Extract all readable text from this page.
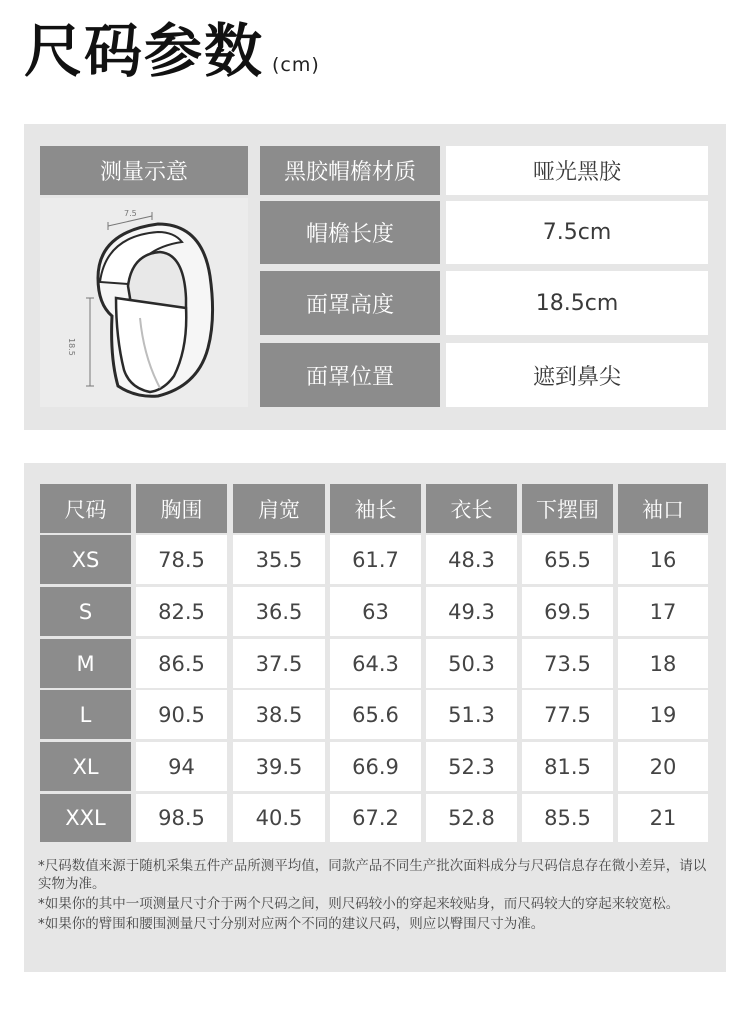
尺码参数 (cm)
测量示意
7.5
18.5
黑胶帽檐材质	哑光黑胶
帽檐长度	7.5cm
面罩高度	18.5cm
面罩位置	遮到鼻尖
尺码	胸围	肩宽	袖长	衣长	下摆围	袖口
XS	78.5	35.5	61.7	48.3	65.5	16
S	82.5	36.5	63	49.3	69.5	17
M	86.5	37.5	64.3	50.3	73.5	18
L	90.5	38.5	65.6	51.3	77.5	19
XL	94	39.5	66.9	52.3	81.5	20
XXL	98.5	40.5	67.2	52.8	85.5	21
*尺码数值来源于随机采集五件产品所测平均值，同款产品不同生产批次面料成分与尺码信息存在微小差异，请以实物为准。
*如果你的其中一项测量尺寸介于两个尺码之间，则尺码较小的穿起来较贴身，而尺码较大的穿起来较宽松。
*如果你的臂围和腰围测量尺寸分别对应两个不同的建议尺码，则应以臀围尺寸为准。
